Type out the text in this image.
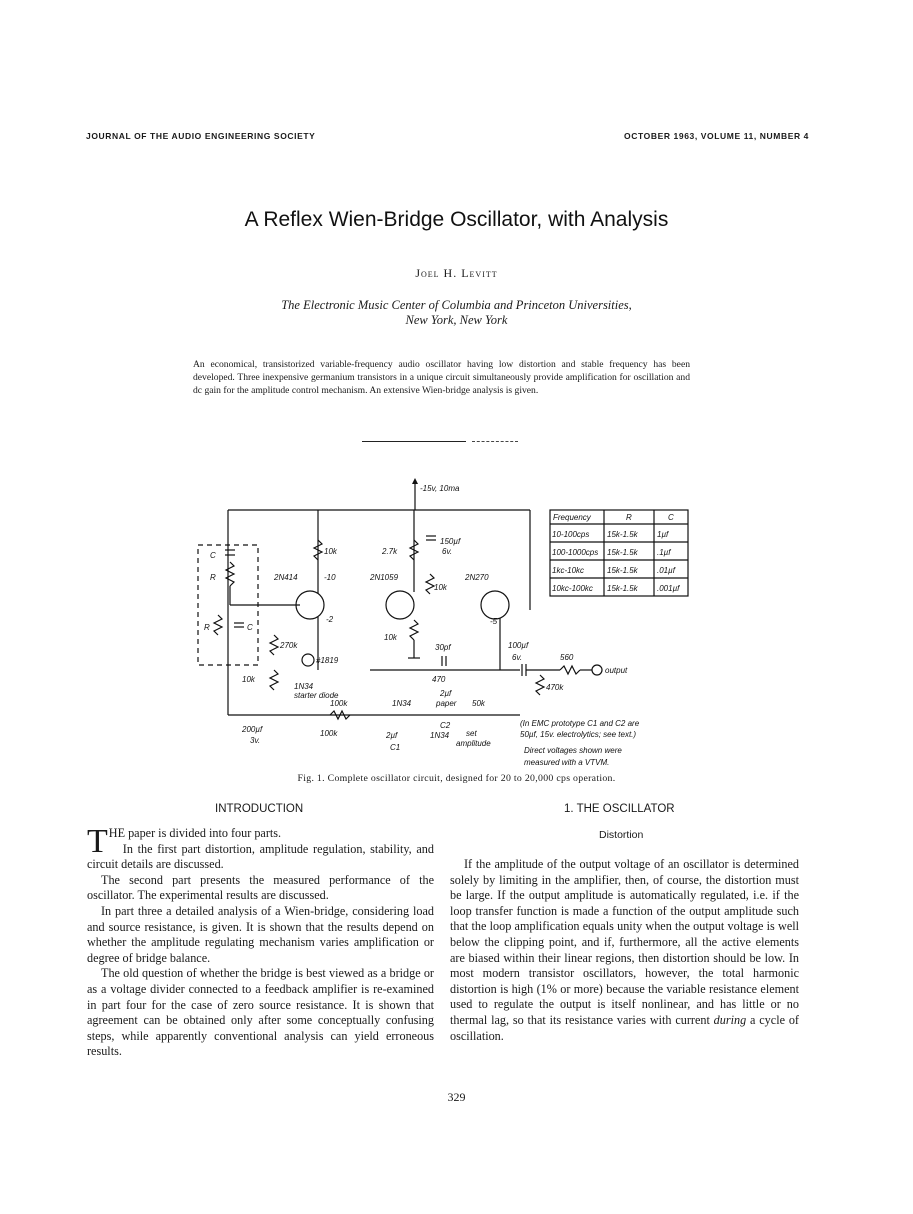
JOURNAL OF THE AUDIO ENGINEERING SOCIETY	OCTOBER 1963, VOLUME 11, NUMBER 4
A Reflex Wien-Bridge Oscillator, with Analysis
Joel H. Levitt
The Electronic Music Center of Columbia and Princeton Universities,
New York, New York
An economical, transistorized variable-frequency audio oscillator having low distortion and stable frequency has been developed. Three inexpensive germanium transistors in a unique circuit simultaneously provide amplification for oscillation and dc gain for the amplitude control mechanism. An extensive Wien-bridge analysis is given.
-15v, 10ma
C
R
R	C
2N414
10k
-10
-2
2N1059
2.7k
150µf
6v.
10k
10k
2N270
-5
270k
#1819
10k
1N34
starter diode
30pf
470
100µf
6v.	560
output
470k
100k	1N34
2µf
paper 50k
200µf
3v.
100k	2µf
C1
C2
1N34 set
amplitude
(In EMC prototype C1 and C2 are
50µf, 15v. electrolytics; see text.)
Direct voltages shown were
measured with a VTVM.
Frequency	R	C
10-100cps 15k-1.5k 1µf
100-1000cps 15k-1.5k .1µf
1kc-10kc	15k-1.5k .01µf
10kc-100kc 15k-1.5k .001µf
Fig. 1. Complete oscillator circuit, designed for 20 to 20,000 cps operation.
INTRODUCTION	1. THE OSCILLATOR
Distortion

THE paper is divided into four parts.
In the first part distortion, amplitude regulation, stability, and circuit details are discussed.

The second part presents the measured performance of the oscillator. The experimental results are discussed.

In part three a detailed analysis of a Wien-bridge, considering load and source resistance, is given. It is shown that the results depend on whether the amplitude regulating mechanism varies amplification or degree of bridge balance.

The old question of whether the bridge is best viewed as a bridge or as a voltage divider connected to a feedback amplifier is re-examined in part four for the case of zero source resistance. It is shown that agreement can be obtained only after some conceptually confusing steps, while apparently conventional analysis can yield erroneous results.

If the amplitude of the output voltage of an oscillator is determined solely by limiting in the amplifier, then, of course, the distortion must be large. If the output amplitude is automatically regulated, i.e. if the loop transfer function is made a function of the output amplitude such that the loop amplification equals unity when the output voltage is well below the clipping point, and if, furthermore, all the active elements are biased within their linear regions, then distortion should be low. In most modern transistor oscillators, however, the total harmonic distortion is high (1% or more) because the variable resistance element used to regulate the output is itself nonlinear, and has little or no thermal lag, so that its resistance varies with current during a cycle of oscillation.

329
